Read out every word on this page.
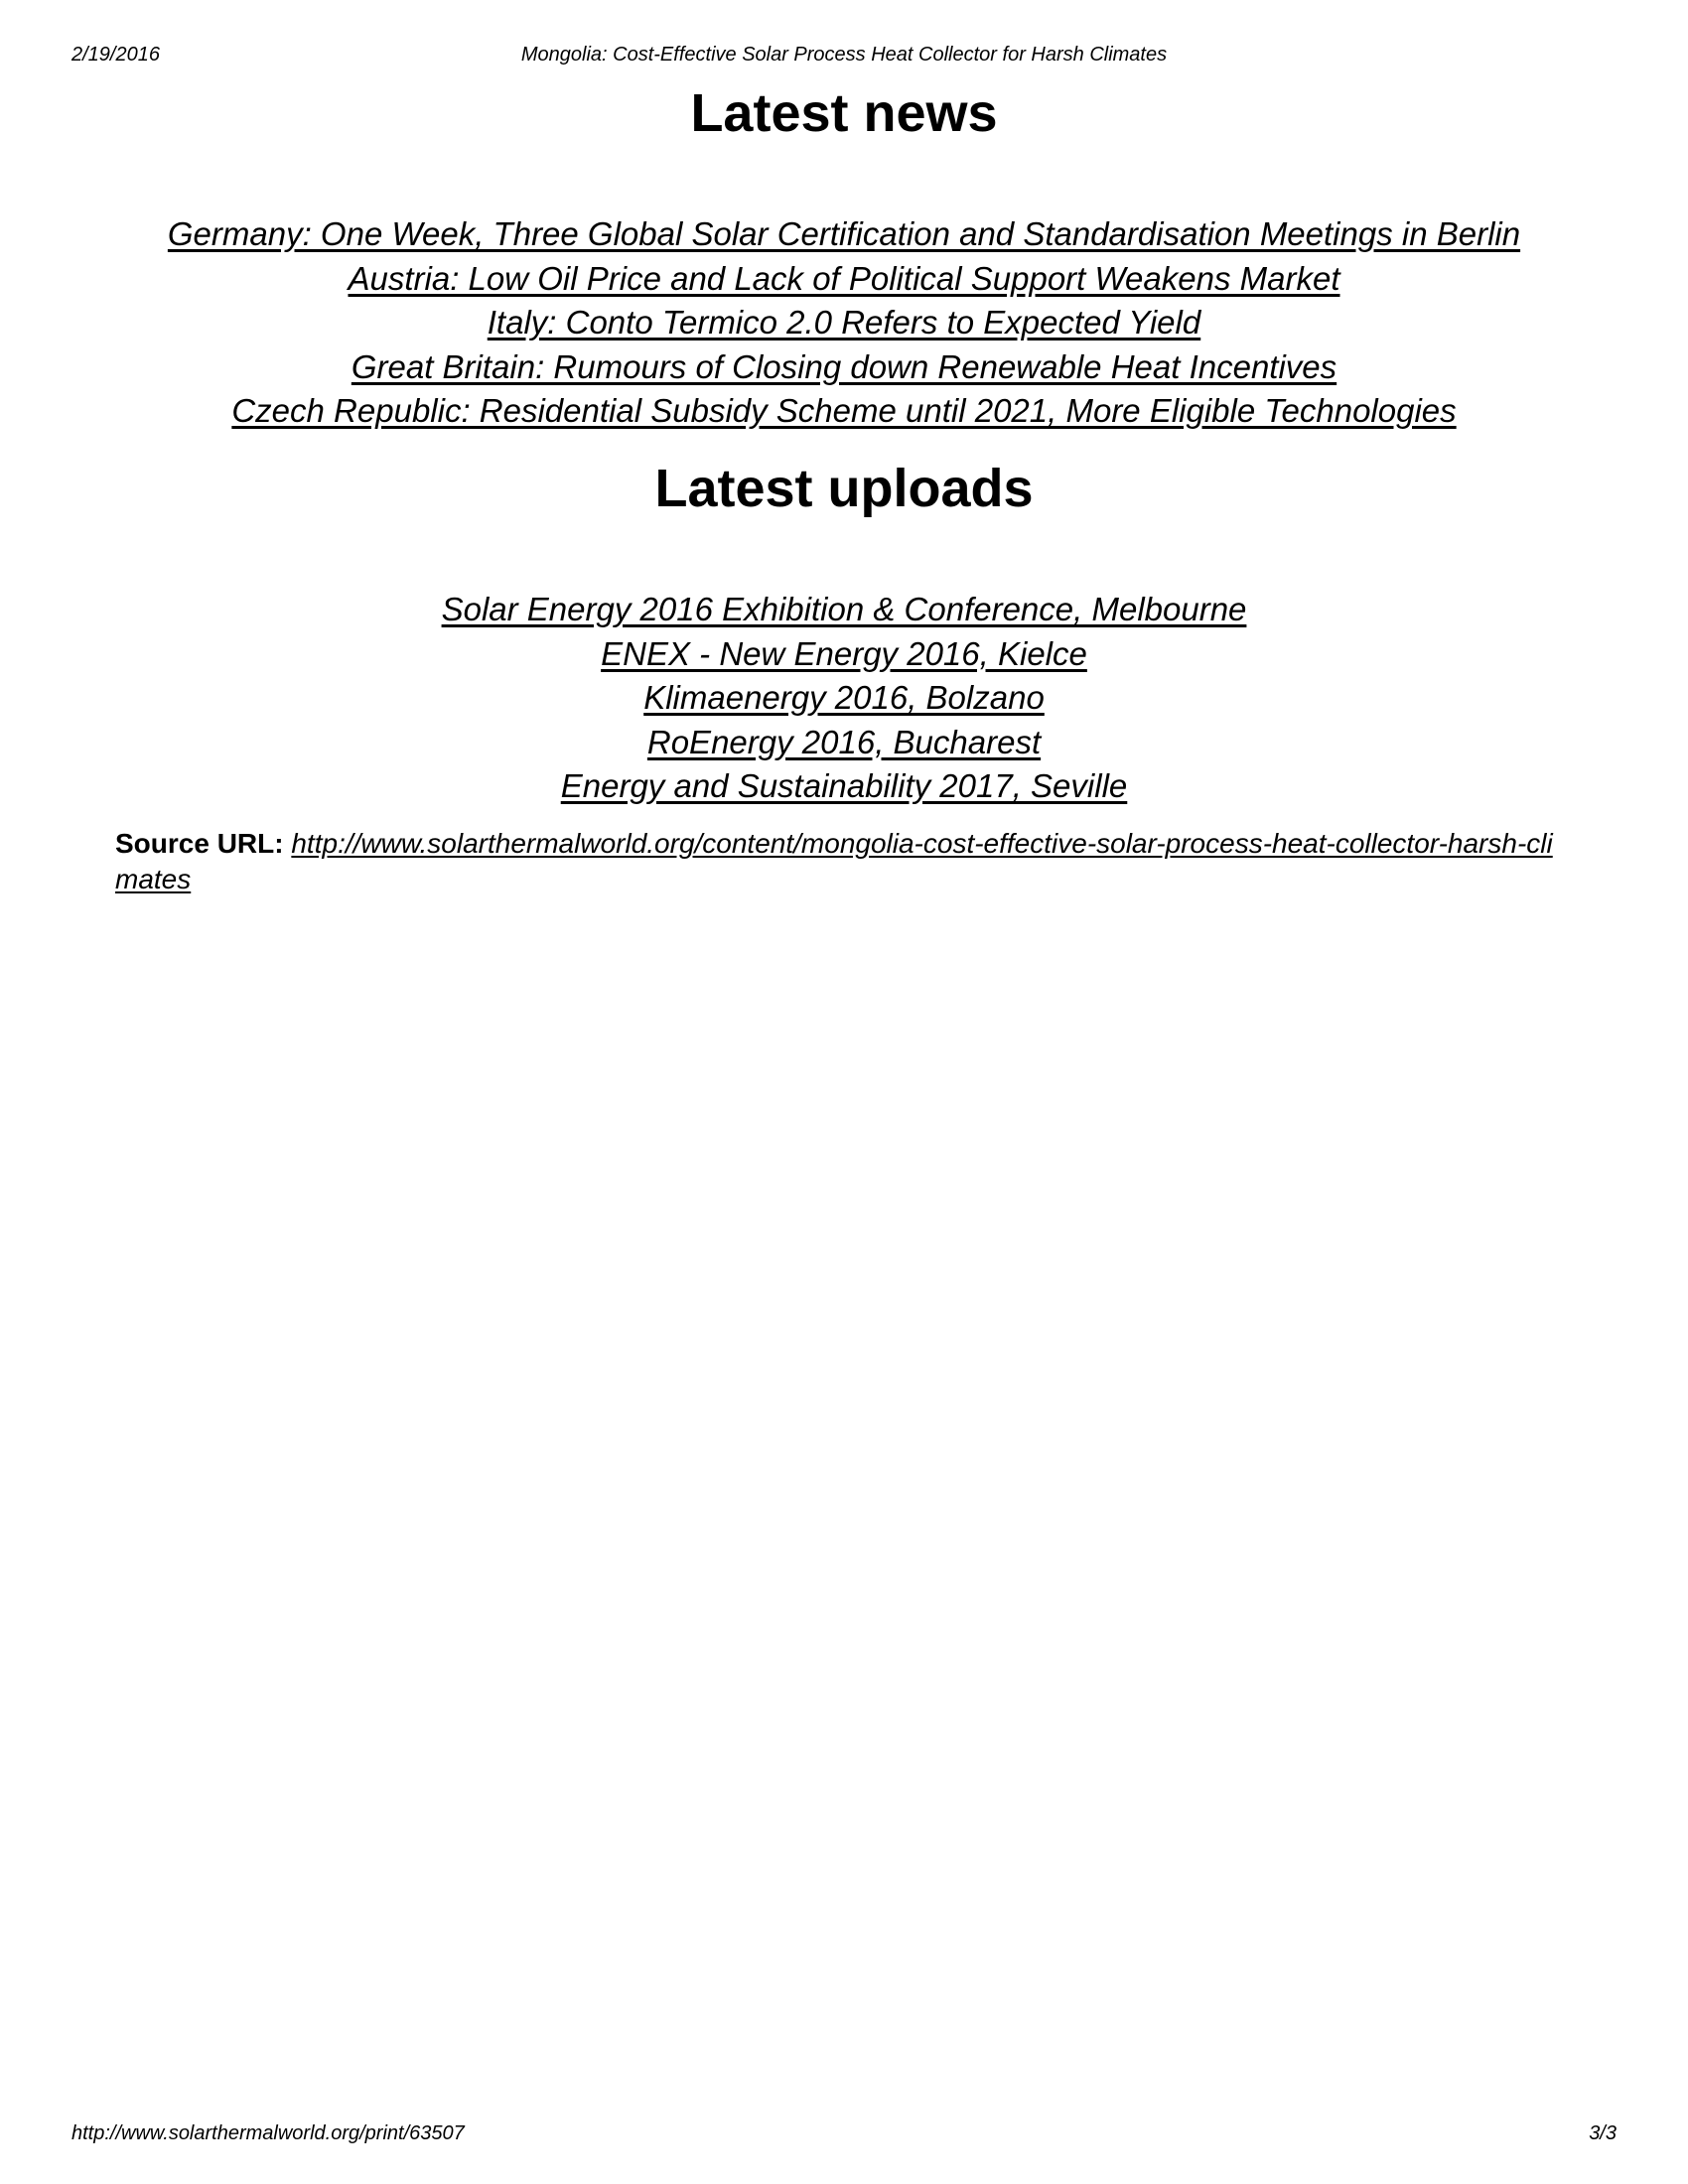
2/19/2016	Mongolia: Cost-Effective Solar Process Heat Collector for Harsh Climates
Latest news
Germany: One Week, Three Global Solar Certification and Standardisation Meetings in Berlin
Austria: Low Oil Price and Lack of Political Support Weakens Market
Italy: Conto Termico 2.0 Refers to Expected Yield
Great Britain: Rumours of Closing down Renewable Heat Incentives
Czech Republic: Residential Subsidy Scheme until 2021, More Eligible Technologies
Latest uploads
Solar Energy 2016 Exhibition & Conference, Melbourne
ENEX - New Energy 2016, Kielce
Klimaenergy 2016, Bolzano
RoEnergy 2016, Bucharest
Energy and Sustainability 2017, Seville
Source URL: http://www.solarthermalworld.org/content/mongolia-cost-effective-solar-process-heat-collector-harsh-climates
http://www.solarthermalworld.org/print/63507	3/3
